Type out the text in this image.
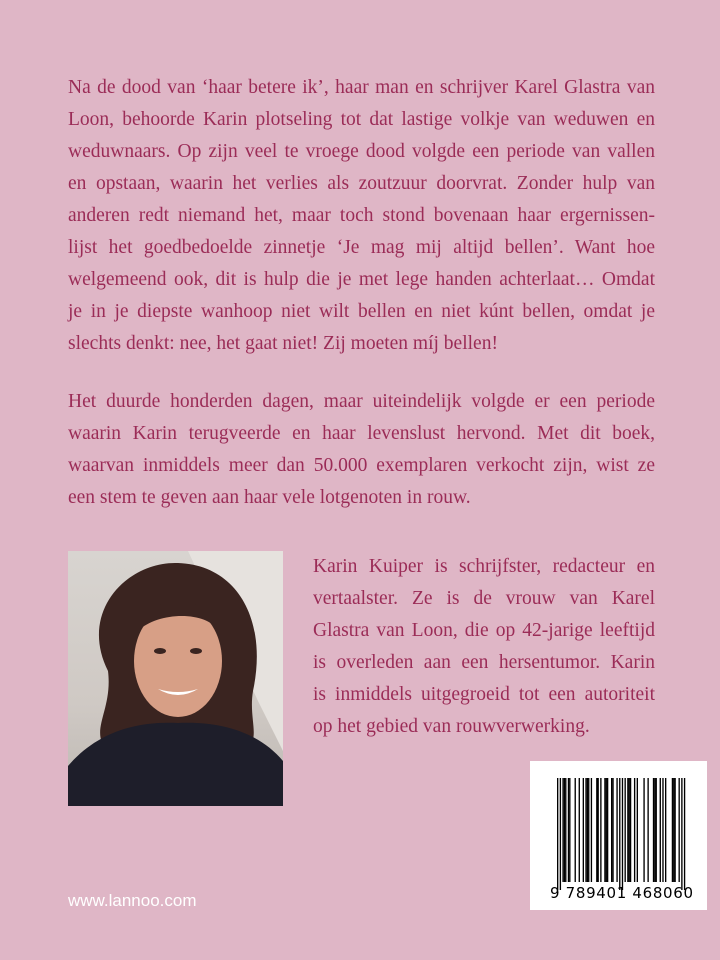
Na de dood van ‘haar betere ik’, haar man en schrijver Karel Glastra van
Loon, behoorde Karin plotseling tot dat lastige volkje van weduwen en
weduwnaars. Op zijn veel te vroege dood volgde een periode van vallen
en opstaan, waarin het verlies als zoutzuur doorvrat. Zonder hulp van
anderen redt niemand het, maar toch stond bovenaan haar ergernissen-
lijst het goedbedoelde zinnetje ‘Je mag mij altijd bellen’. Want hoe
welgemeend ook, dit is hulp die je met lege handen achterlaat… Omdat
je in je diepste wanhoop niet wilt bellen en niet kúnt bellen, omdat je
slechts denkt: nee, het gaat niet! Zij moeten míj bellen!
Het duurde honderden dagen, maar uiteindelijk volgde er een periode
waarin Karin terugveerde en haar levenslust hervond. Met dit boek,
waarvan inmiddels meer dan 50.000 exemplaren verkocht zijn, wist ze
een stem te geven aan haar vele lotgenoten in rouw.
Karin Kuiper is schrijfster, redacteur en
vertaalster. Ze is de vrouw van Karel
Glastra van Loon, die op 42-jarige leeftijd
is overleden aan een hersentumor. Karin
is inmiddels uitgegroeid tot een autoriteit
op het gebied van rouwverwerking.
9 789401 468060
www.lannoo.com
